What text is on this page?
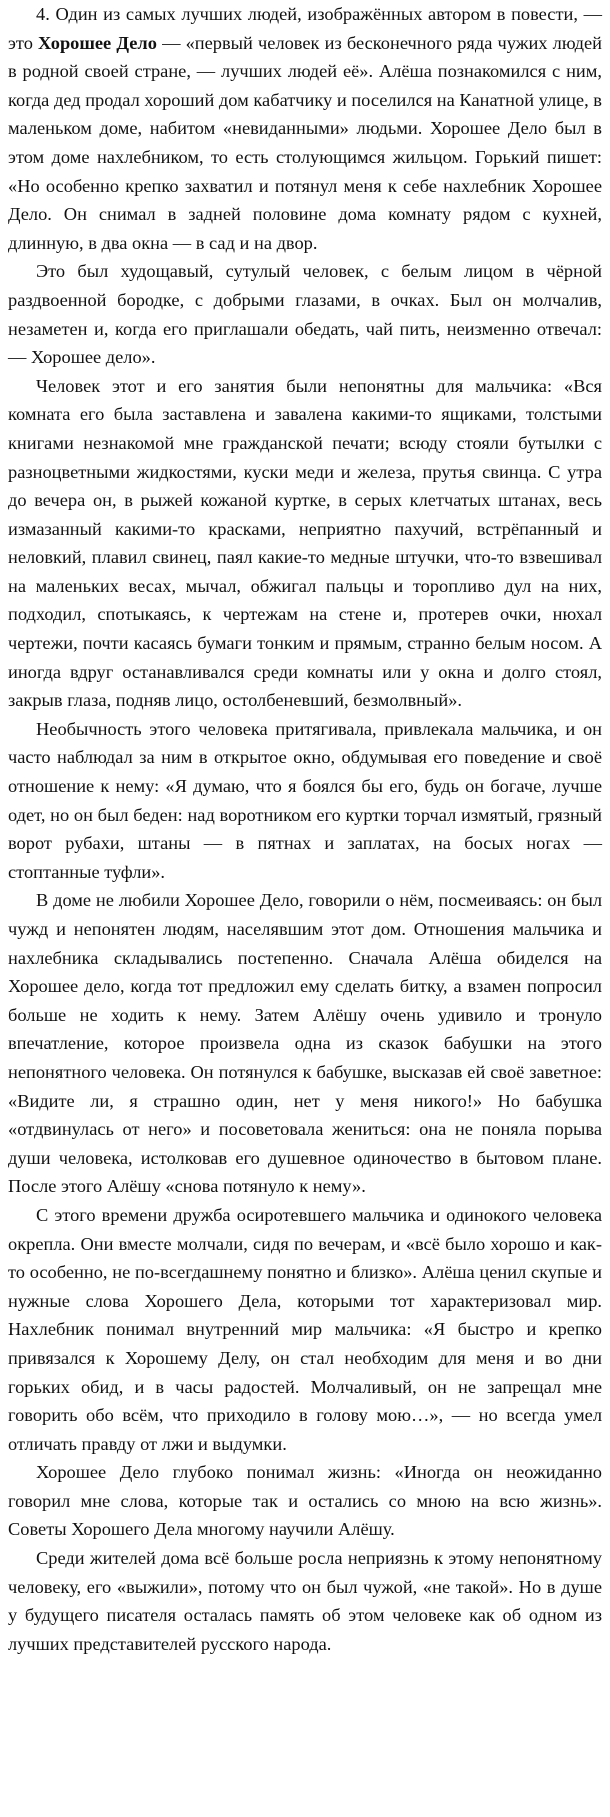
4. Один из самых лучших людей, изображённых автором в повести, — это Хорошее Дело — «первый человек из бесконечного ряда чужих людей в родной своей стране, — лучших людей её». Алёша познакомился с ним, когда дед продал хороший дом кабатчику и поселился на Канатной улице, в маленьком доме, набитом «невиданными» людьми. Хорошее Дело был в этом доме нахлебником, то есть столующимся жильцом. Горький пишет: «Но особенно крепко захватил и потянул меня к себе нахлебник Хорошее Дело. Он снимал в задней половине дома комнату рядом с кухней, длинную, в два окна — в сад и на двор.

Это был худощавый, сутулый человек, с белым лицом в чёрной раздвоенной бородке, с добрыми глазами, в очках. Был он молчалив, незаметен и, когда его приглашали обедать, чай пить, неизменно отвечал:— Хорошее дело».

Человек этот и его занятия были непонятны для мальчика: «Вся комната его была заставлена и завалена какими-то ящиками, толстыми книгами незнакомой мне гражданской печати; всюду стояли бутылки с разноцветными жидкостями, куски меди и железа, прутья свинца. С утра до вечера он, в рыжей кожаной куртке, в серых клетчатых штанах, весь измазанный какими-то красками, неприятно пахучий, встрёпанный и неловкий, плавил свинец, паял какие-то медные штучки, что-то взвешивал на маленьких весах, мычал, обжигал пальцы и торопливо дул на них, подходил, спотыкаясь, к чертежам на стене и, протерев очки, нюхал чертежи, почти касаясь бумаги тонким и прямым, странно белым носом. А иногда вдруг останавливался среди комнаты или у окна и долго стоял, закрыв глаза, подняв лицо, остолбеневший, безмолвный».

Необычность этого человека притягивала, привлекала мальчика, и он часто наблюдал за ним в открытое окно, обдумывая его поведение и своё отношение к нему: «Я думаю, что я боялся бы его, будь он богаче, лучше одет, но он был беден: над воротником его куртки торчал измятый, грязный ворот рубахи, штаны — в пятнах и заплатах, на босых ногах — стоптанные туфли».

В доме не любили Хорошее Дело, говорили о нём, посмеиваясь: он был чужд и непонятен людям, населявшим этот дом. Отношения мальчика и нахлебника складывались постепенно. Сначала Алёша обиделся на Хорошее дело, когда тот предложил ему сделать битку, а взамен попросил больше не ходить к нему. Затем Алёшу очень удивило и тронуло впечатление, которое произвела одна из сказок бабушки на этого непонятного человека. Он потянулся к бабушке, высказав ей своё заветное: «Видите ли, я страшно один, нет у меня никого!» Но бабушка «отдвинулась от него» и посоветовала жениться: она не поняла порыва души человека, истолковав его душевное одиночество в бытовом плане. После этого Алёшу «снова потянуло к нему».

С этого времени дружба осиротевшего мальчика и одинокого человека окрепла. Они вместе молчали, сидя по вечерам, и «всё было хорошо и как-то особенно, не по-всегдашнему понятно и близко». Алёша ценил скупые и нужные слова Хорошего Дела, которыми тот характеризовал мир. Нахлебник понимал внутренний мир мальчика: «Я быстро и крепко привязался к Хорошему Делу, он стал необходим для меня и во дни горьких обид, и в часы радостей. Молчаливый, он не запрещал мне говорить обо всём, что приходило в голову мою…», — но всегда умел отличать правду от лжи и выдумки.

Хорошее Дело глубоко понимал жизнь: «Иногда он неожиданно говорил мне слова, которые так и остались со мною на всю жизнь». Советы Хорошего Дела многому научили Алёшу.

Среди жителей дома всё больше росла неприязнь к этому непонятному человеку, его «выжили», потому что он был чужой, «не такой». Но в душе у будущего писателя осталась память об этом человеке как об одном из лучших представителей русского народа.
